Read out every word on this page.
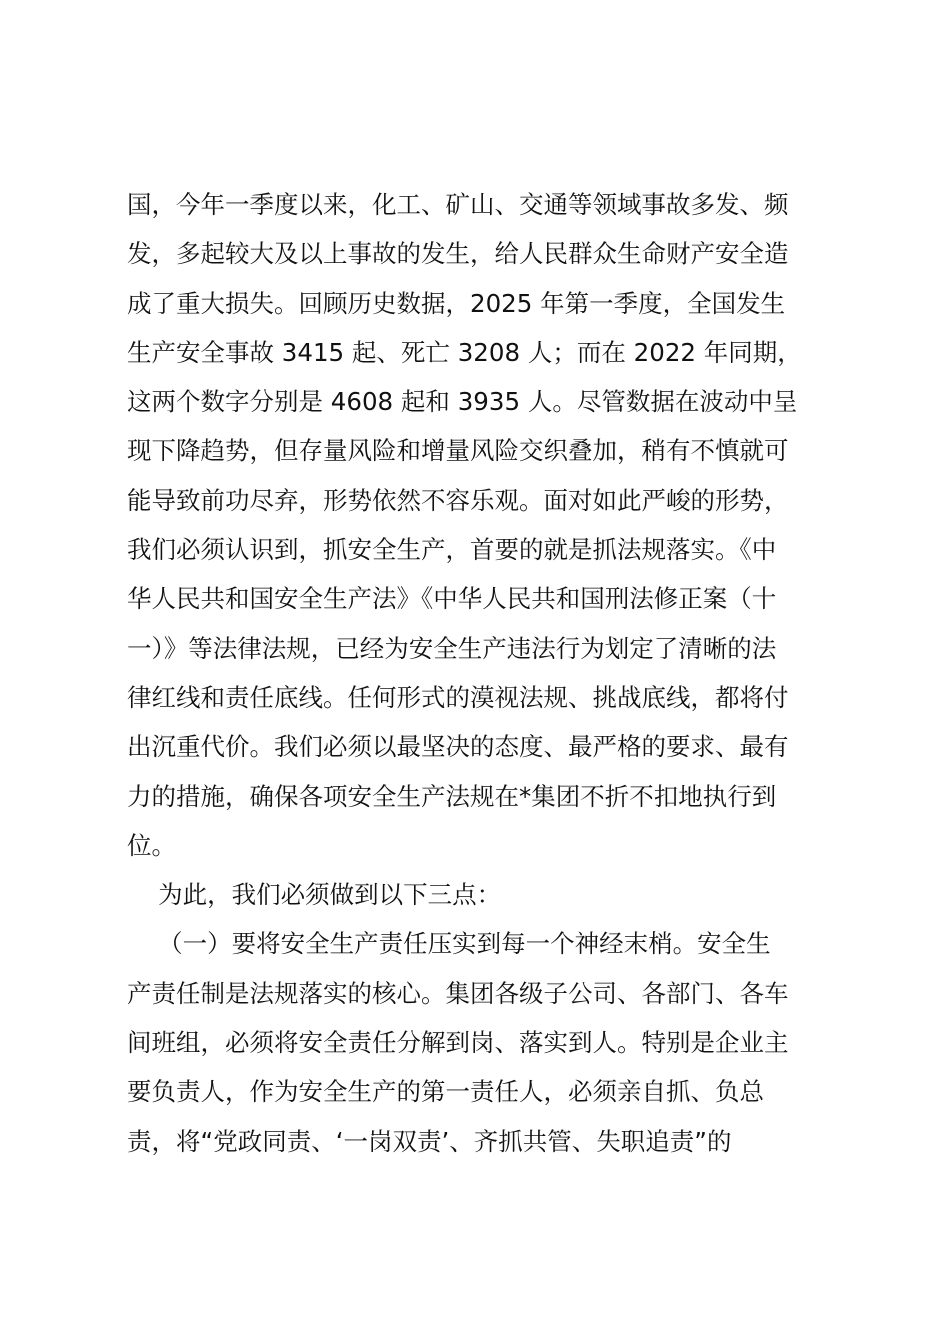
国，今年一季度以来，化工、矿山、交通等领域事故多发、频
发，多起较大及以上事故的发生，给人民群众生命财产安全造
成了重大损失。回顾历史数据，2025 年第一季度，全国发生
生产安全事故 3415 起、死亡 3208 人；而在 2022 年同期，
这两个数字分别是 4608 起和 3935 人。尽管数据在波动中呈
现下降趋势，但存量风险和增量风险交织叠加，稍有不慎就可
能导致前功尽弃，形势依然不容乐观。面对如此严峻的形势，
我们必须认识到，抓安全生产，首要的就是抓法规落实。《中
华人民共和国安全生产法》《中华人民共和国刑法修正案（十
一）》等法律法规，已经为安全生产违法行为划定了清晰的法
律红线和责任底线。任何形式的漠视法规、挑战底线，都将付
出沉重代价。我们必须以最坚决的态度、最严格的要求、最有
力的措施，确保各项安全生产法规在*集团不折不扣地执行到
位。
为此，我们必须做到以下三点：
（一）要将安全生产责任压实到每一个神经末梢。安全生
产责任制是法规落实的核心。集团各级子公司、各部门、各车
间班组，必须将安全责任分解到岗、落实到人。特别是企业主
要负责人，作为安全生产的第一责任人，必须亲自抓、负总
责，将“党政同责、‘一岗双责’、齐抓共管、失职追责”的
